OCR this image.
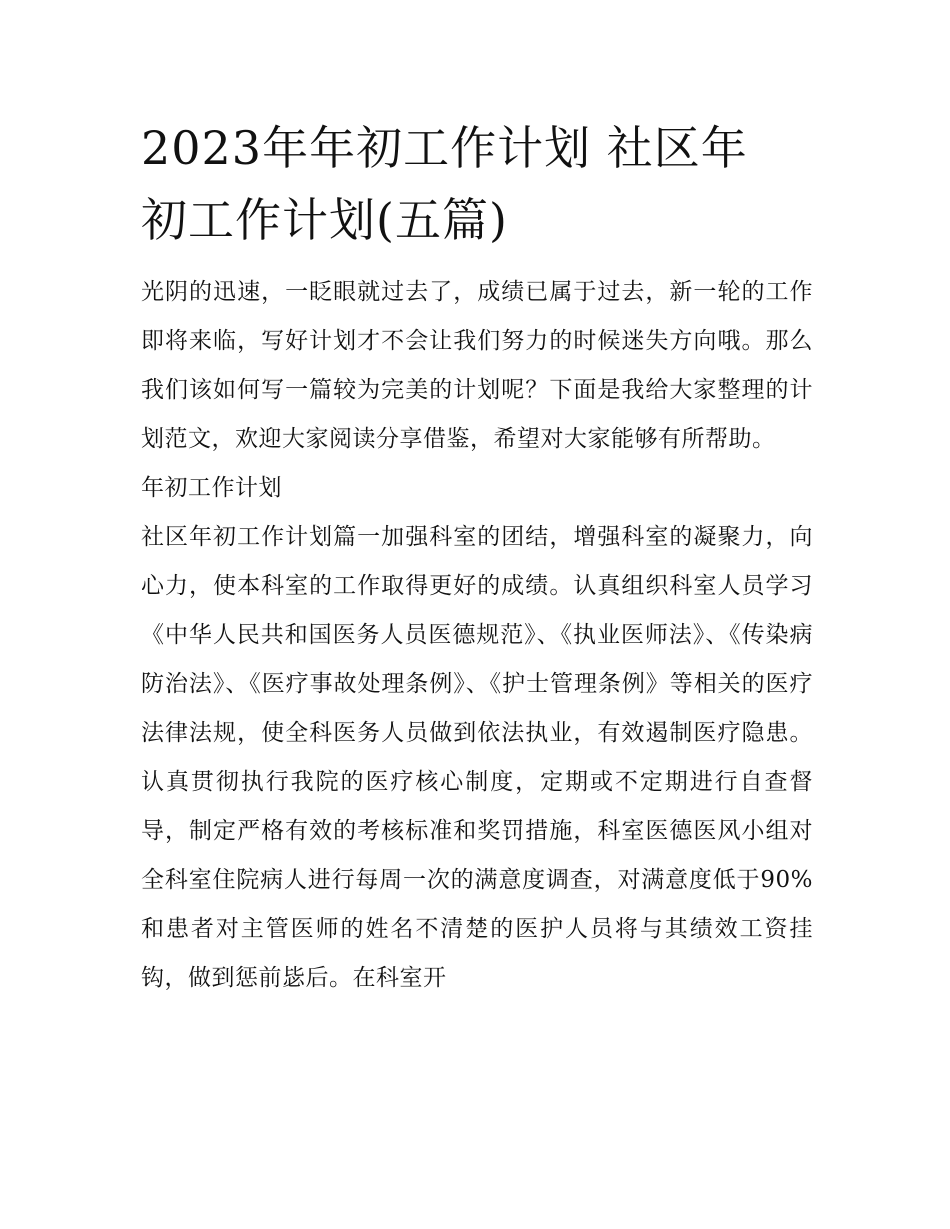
2023年年初工作计划 社区年
初工作计划(五篇)

光阴的迅速，一眨眼就过去了，成绩已属于过去，新一轮的工作即将来临，写好计划才不会让我们努力的时候迷失方向哦。那么我们该如何写一篇较为完美的计划呢？下面是我给大家整理的计划范文，欢迎大家阅读分享借鉴，希望对大家能够有所帮助。

年初工作计划

社区年初工作计划篇一加强科室的团结，增强科室的凝聚力，向心力，使本科室的工作取得更好的成绩。认真组织科室人员学习《中华人民共和国医务人员医德规范》、《执业医师法》、《传染病防治法》、《医疗事故处理条例》、《护士管理条例》等相关的医疗法律法规，使全科医务人员做到依法执业，有效遏制医疗隐患。认真贯彻执行我院的医疗核心制度，定期或不定期进行自查督导，制定严格有效的考核标准和奖罚措施，科室医德医风小组对全科室住院病人进行每周一次的满意度调查，对满意度低于90%和患者对主管医师的姓名不清楚的医护人员将与其绩效工资挂钩，做到惩前毖后。在科室开
